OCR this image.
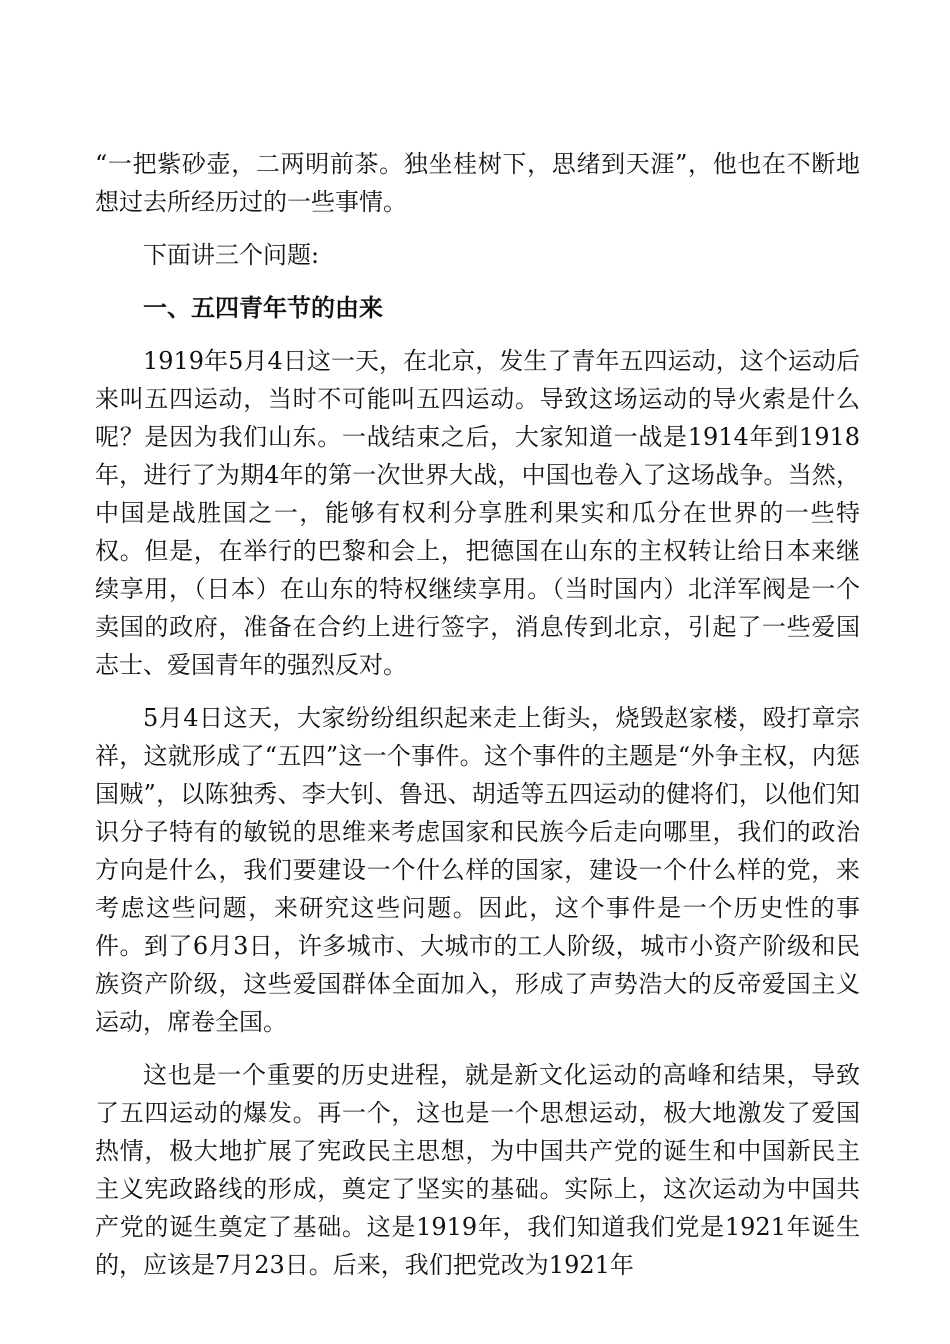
“一把紫砂壶，二两明前茶。独坐桂树下，思绪到天涯”，他也在不断地想过去所经历过的一些事情。

下面讲三个问题:

一、五四青年节的由来

1919年5月4日这一天，在北京，发生了青年五四运动，这个运动后来叫五四运动，当时不可能叫五四运动。导致这场运动的导火索是什么呢？是因为我们山东。一战结束之后，大家知道一战是1914年到1918年，进行了为期4年的第一次世界大战，中国也卷入了这场战争。当然，中国是战胜国之一，能够有权利分享胜利果实和瓜分在世界的一些特权。但是，在举行的巴黎和会上，把德国在山东的主权转让给日本来继续享用，（日本）在山东的特权继续享用。（当时国内）北洋军阀是一个卖国的政府，准备在合约上进行签字，消息传到北京，引起了一些爱国志士、爱国青年的强烈反对。

5月4日这天，大家纷纷组织起来走上街头，烧毁赵家楼，殴打章宗祥，这就形成了“五四”这一个事件。这个事件的主题是“外争主权，内惩国贼”，以陈独秀、李大钊、鲁迅、胡适等五四运动的健将们，以他们知识分子特有的敏锐的思维来考虑国家和民族今后走向哪里，我们的政治方向是什么，我们要建设一个什么样的国家，建设一个什么样的党，来考虑这些问题，来研究这些问题。因此，这个事件是一个历史性的事件。到了6月3日，许多城市、大城市的工人阶级，城市小资产阶级和民族资产阶级，这些爱国群体全面加入，形成了声势浩大的反帝爱国主义运动，席卷全国。

这也是一个重要的历史进程，就是新文化运动的高峰和结果，导致了五四运动的爆发。再一个，这也是一个思想运动，极大地激发了爱国热情，极大地扩展了宪政民主思想，为中国共产党的诞生和中国新民主主义宪政路线的形成，奠定了坚实的基础。实际上，这次运动为中国共产党的诞生奠定了基础。这是1919年，我们知道我们党是1921年诞生的，应该是7月23日。后来，我们把党改为1921年
